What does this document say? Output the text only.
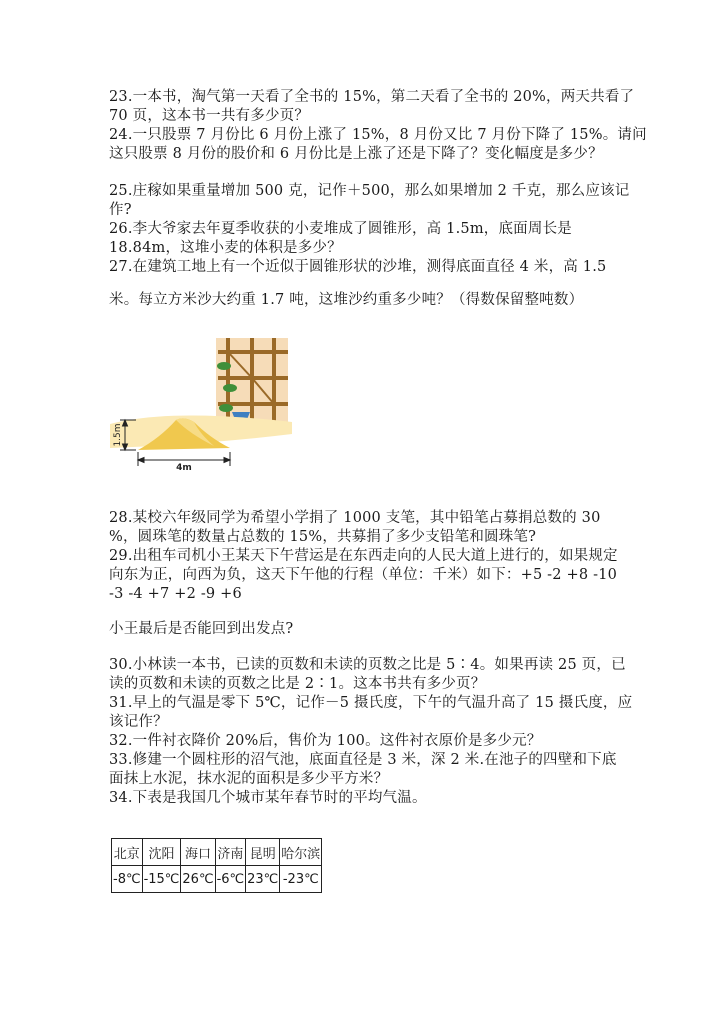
23.一本书，淘气第一天看了全书的 15%，第二天看了全书的 20%，两天共看了
70 页，这本书一共有多少页？
24.一只股票 7 月份比 6 月份上涨了 15%，8 月份又比 7 月份下降了 15%。请问
这只股票 8 月份的股价和 6 月份比是上涨了还是下降了？变化幅度是多少？
25.庄稼如果重量增加 500 克，记作＋500，那么如果增加 2 千克，那么应该记
作?
26.李大爷家去年夏季收获的小麦堆成了圆锥形，高 1.5m，底面周长是
18.84m，这堆小麦的体积是多少？
27.在建筑工地上有一个近似于圆锥形状的沙堆，测得底面直径 4 米，高 1.5
米。每立方米沙大约重 1.7 吨，这堆沙约重多少吨？（得数保留整吨数）
1.5m
4m
28.某校六年级同学为希望小学捐了 1000 支笔，其中铅笔占募捐总数的 30
%，圆珠笔的数量占总数的 15%，共募捐了多少支铅笔和圆珠笔?
29.出租车司机小王某天下午营运是在东西走向的人民大道上进行的，如果规定
向东为正，向西为负，这天下午他的行程（单位：千米）如下：+5 -2 +8 -10
-3 -4 +7 +2 -9 +6
小王最后是否能回到出发点?
30.小林读一本书，已读的页数和未读的页数之比是 5∶4。如果再读 25 页，已
读的页数和未读的页数之比是 2∶1。这本书共有多少页？
31.早上的气温是零下 5℃，记作－5 摄氏度，下午的气温升高了 15 摄氏度，应
该记作？
32.一件衬衣降价 20%后，售价为 100。这件衬衣原价是多少元？
33.修建一个圆柱形的沼气池，底面直径是 3 米，深 2 米.在池子的四壁和下底
面抹上水泥，抹水泥的面积是多少平方米？
34.下表是我国几个城市某年春节时的平均气温。
北京	沈阳	海口	济南	昆明	哈尔滨
-8℃	-15℃	26℃	-6℃	23℃	-23℃
